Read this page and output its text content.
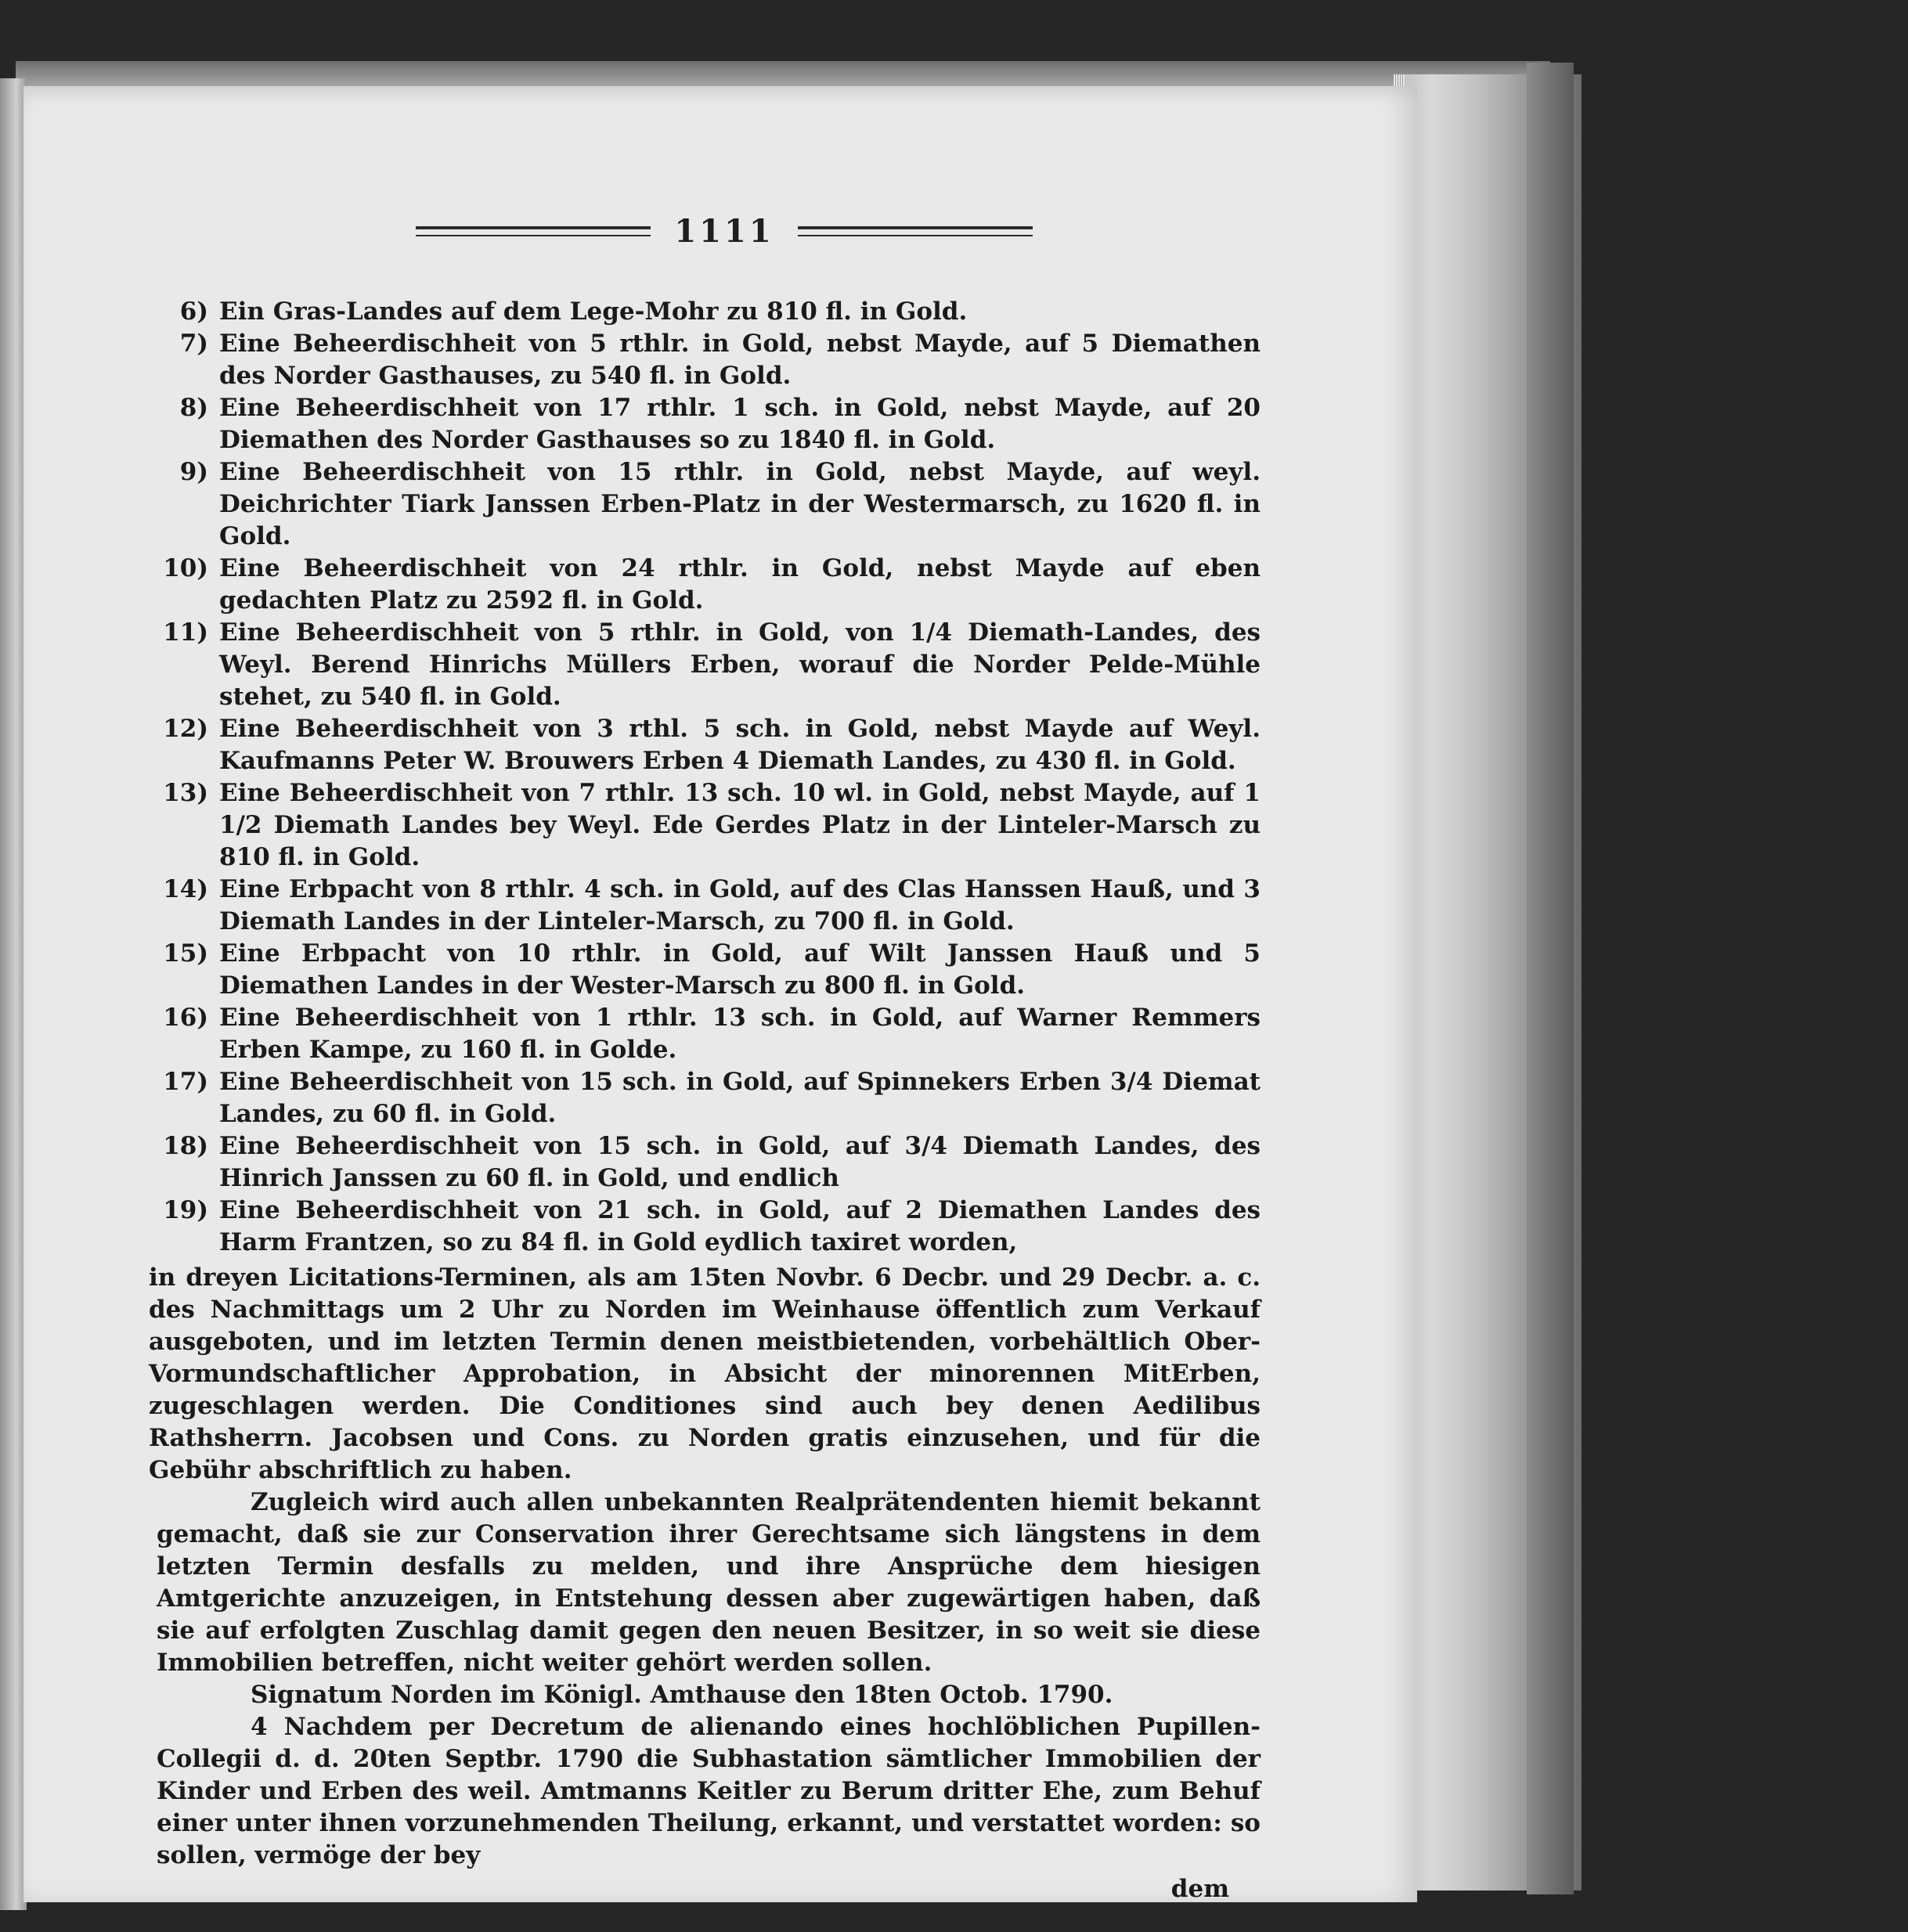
1111
6) Ein Gras-Landes auf dem Lege-Mohr zu 810 fl. in Gold.
7) Eine Beheerdischheit von 5 rthlr. in Gold, nebst Mayde, auf 5 Diemathen des Norder Gasthauses, zu 540 fl. in Gold.
8) Eine Beheerdischheit von 17 rthlr. 1 sch. in Gold, nebst Mayde, auf 20 Diemathen des Norder Gasthauses so zu 1840 fl. in Gold.
9) Eine Beheerdischheit von 15 rthlr. in Gold, nebst Mayde, auf weyl. Deichrichter Tiark Janssen Erben-Platz in der Westermarsch, zu 1620 fl. in Gold.
10) Eine Beheerdischheit von 24 rthlr. in Gold, nebst Mayde auf eben gedachten Platz zu 2592 fl. in Gold.
11) Eine Beheerdischheit von 5 rthlr. in Gold, von 1/4 Diemath-Landes, des Weyl. Berend Hinrichs Müllers Erben, worauf die Norder Pelde-Mühle stehet, zu 540 fl. in Gold.
12) Eine Beheerdischheit von 3 rthl. 5 sch. in Gold, nebst Mayde auf Weyl. Kaufmanns Peter W. Brouwers Erben 4 Diemath Landes, zu 430 fl. in Gold.
13) Eine Beheerdischheit von 7 rthlr. 13 sch. 10 wl. in Gold, nebst Mayde, auf 1 1/2 Diemath Landes bey Weyl. Ede Gerdes Platz in der Linteler-Marsch zu 810 fl. in Gold.
14) Eine Erbpacht von 8 rthlr. 4 sch. in Gold, auf des Clas Hanssen Hauß, und 3 Diemath Landes in der Linteler-Marsch, zu 700 fl. in Gold.
15) Eine Erbpacht von 10 rthlr. in Gold, auf Wilt Janssen Hauß und 5 Diemathen Landes in der Wester-Marsch zu 800 fl. in Gold.
16) Eine Beheerdischheit von 1 rthlr. 13 sch. in Gold, auf Warner Remmers Erben Kampe, zu 160 fl. in Golde.
17) Eine Beheerdischheit von 15 sch. in Gold, auf Spinnekers Erben 3/4 Diemat Landes, zu 60 fl. in Gold.
18) Eine Beheerdischheit von 15 sch. in Gold, auf 3/4 Diemath Landes, des Hinrich Janssen zu 60 fl. in Gold, und endlich
19) Eine Beheerdischheit von 21 sch. in Gold, auf 2 Diemathen Landes des Harm Frantzen, so zu 84 fl. in Gold eydlich taxiret worden,

in dreyen Licitations-Terminen, als am 15ten Novbr. 6 Decbr. und 29 Decbr. a. c. des Nachmittags um 2 Uhr zu Norden im Weinhause öffentlich zum Verkauf ausgeboten, und im letzten Termin denen meistbietenden, vorbehältlich Ober-Vormundschaftlicher Approbation, in Absicht der minorennen MitErben, zugeschlagen werden. Die Conditiones sind auch bey denen Aedilibus Rathsherrn. Jacobsen und Cons. zu Norden gratis einzusehen, und für die Gebühr abschriftlich zu haben.

Zugleich wird auch allen unbekannten Realprätendenten hiemit bekannt gemacht, daß sie zur Conservation ihrer Gerechtsame sich längstens in dem letzten Termin desfalls zu melden, und ihre Ansprüche dem hiesigen Amtgerichte anzuzeigen, in Entstehung dessen aber zugewärtigen haben, daß sie auf erfolgten Zuschlag damit gegen den neuen Besitzer, in so weit sie diese Immobilien betreffen, nicht weiter gehört werden sollen.

Signatum Norden im Königl. Amthause den 18ten Octob. 1790.

4 Nachdem per Decretum de alienando eines hochlöblichen Pupillen-Collegii d. d. 20ten Septbr. 1790 die Subhastation sämtlicher Immobilien der Kinder und Erben des weil. Amtmanns Keitler zu Berum dritter Ehe, zum Behuf einer unter ihnen vorzunehmenden Theilung, erkannt, und verstattet worden: so sollen, vermöge der bey

dem
